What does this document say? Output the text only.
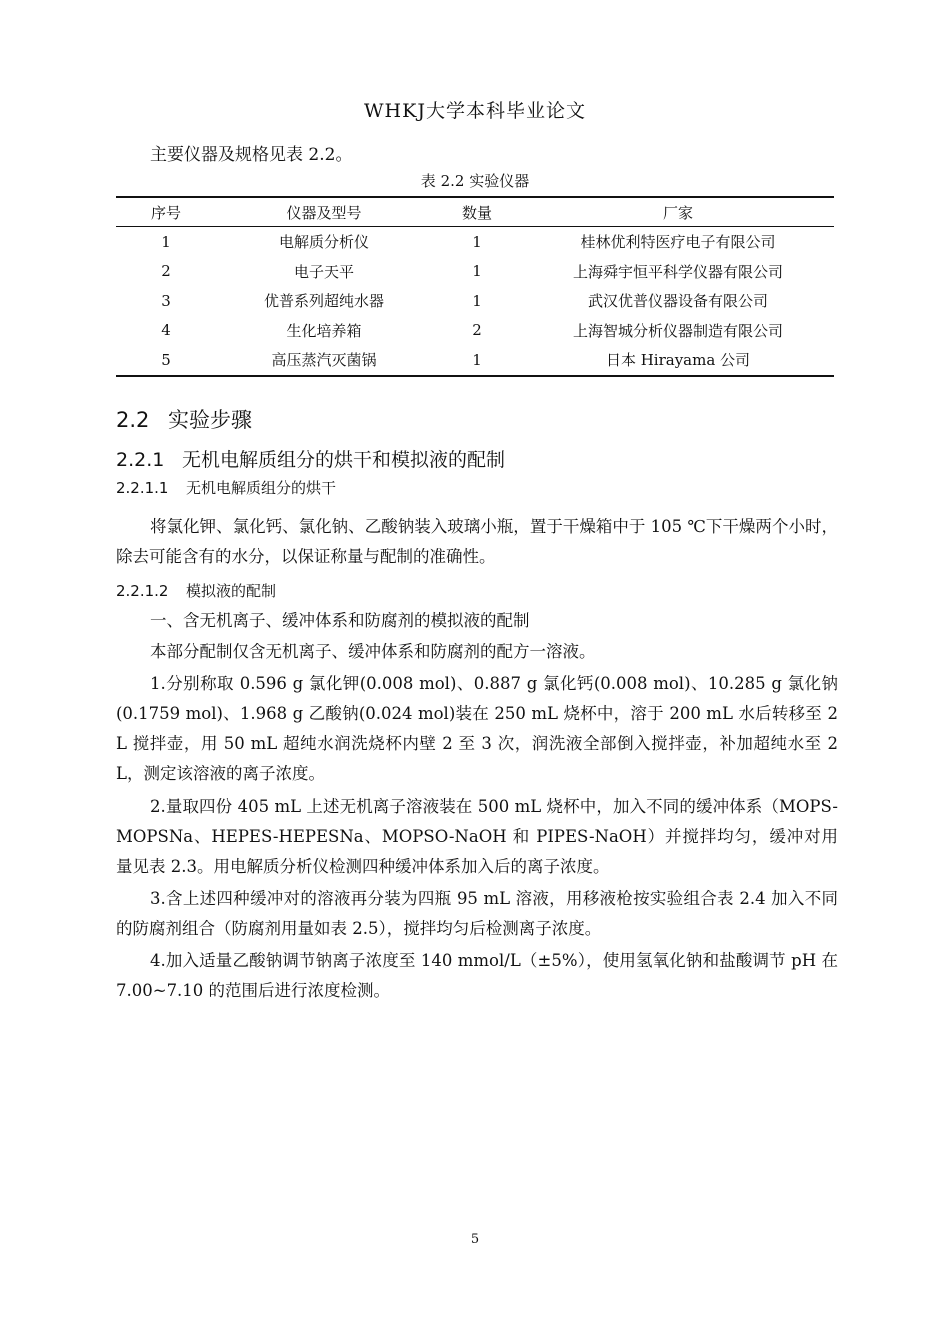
WHKJ大学本科毕业论文
主要仪器及规格见表 2.2。
表 2.2 实验仪器
序号	仪器及型号	数量	厂家
1	电解质分析仪	1	桂林优利特医疗电子有限公司
2	电子天平	1	上海舜宇恒平科学仪器有限公司
3	优普系列超纯水器	1	武汉优普仪器设备有限公司
4	生化培养箱	2	上海智城分析仪器制造有限公司
5	高压蒸汽灭菌锅	1	日本 Hirayama 公司
2.2 实验步骤
2.2.1 无机电解质组分的烘干和模拟液的配制
2.2.1.1 无机电解质组分的烘干

将氯化钾、氯化钙、氯化钠、乙酸钠装入玻璃小瓶，置于干燥箱中于 105 ℃下干燥两个小时，除去可能含有的水分，以保证称量与配制的准确性。

2.2.1.2 模拟液的配制

一、含无机离子、缓冲体系和防腐剂的模拟液的配制

本部分配制仅含无机离子、缓冲体系和防腐剂的配方一溶液。

1.分别称取 0.596 g 氯化钾(0.008 mol)、0.887 g 氯化钙(0.008 mol)、10.285 g 氯化钠(0.1759 mol)、1.968 g 乙酸钠(0.024 mol)装在 250 mL 烧杯中，溶于 200 mL 水后转移至 2 L 搅拌壶，用 50 mL 超纯水润洗烧杯内壁 2 至 3 次，润洗液全部倒入搅拌壶，补加超纯水至 2 L，测定该溶液的离子浓度。

2.量取四份 405 mL 上述无机离子溶液装在 500 mL 烧杯中，加入不同的缓冲体系（MOPS-MOPSNa、HEPES-HEPESNa、MOPSO-NaOH 和 PIPES-NaOH）并搅拌均匀，缓冲对用量见表 2.3。用电解质分析仪检测四种缓冲体系加入后的离子浓度。

3.含上述四种缓冲对的溶液再分装为四瓶 95 mL 溶液，用移液枪按实验组合表 2.4 加入不同的防腐剂组合（防腐剂用量如表 2.5），搅拌均匀后检测离子浓度。

4.加入适量乙酸钠调节钠离子浓度至 140 mmol/L（±5%），使用氢氧化钠和盐酸调节 pH 在 7.00~7.10 的范围后进行浓度检测。

5
